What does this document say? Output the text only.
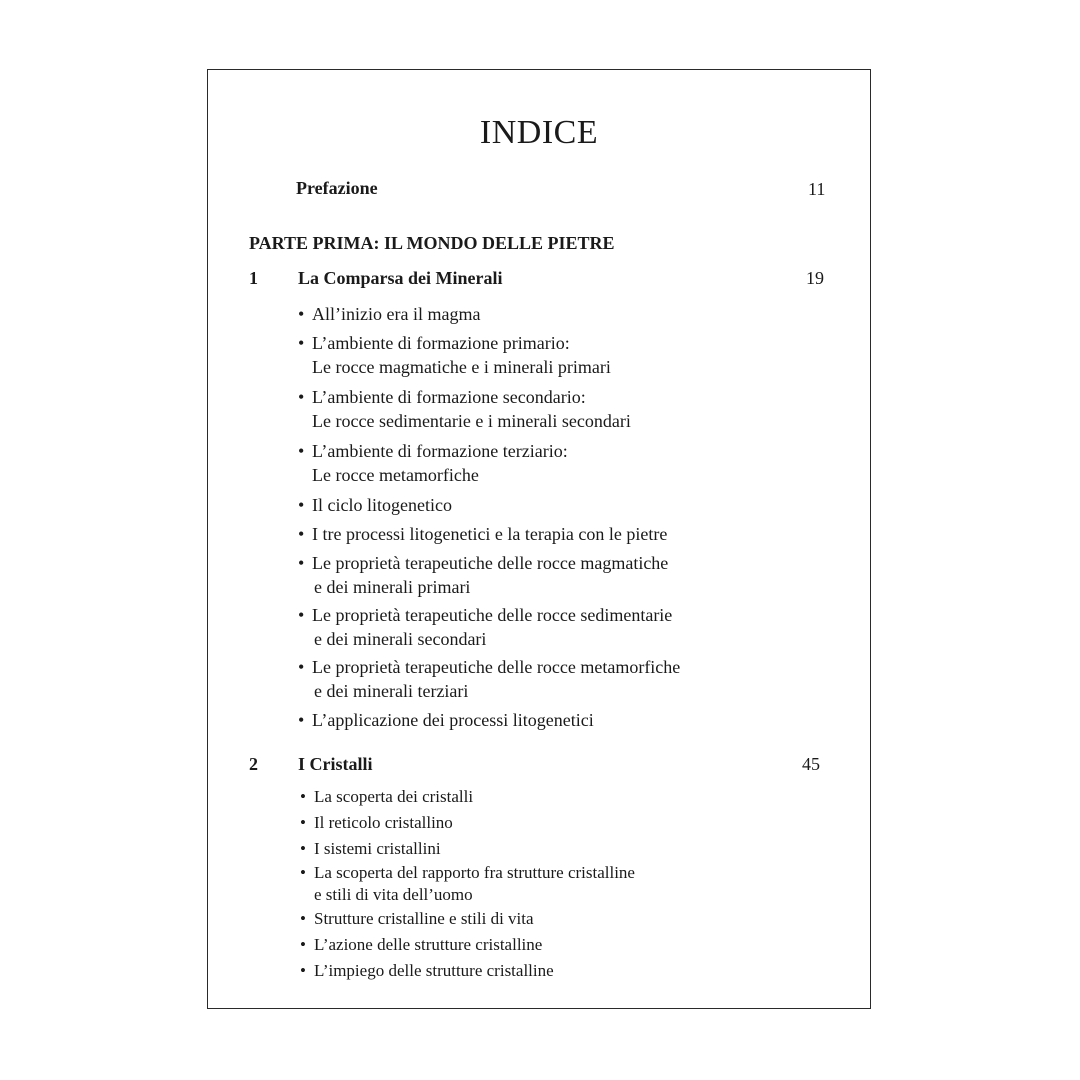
INDICE
Prefazione	11
PARTE PRIMA: IL MONDO DELLE PIETRE
1 La Comparsa dei Minerali	19
• All’inizio era il magma
• L’ambiente di formazione primario:
Le rocce magmatiche e i minerali primari
• L’ambiente di formazione secondario:
Le rocce sedimentarie e i minerali secondari
• L’ambiente di formazione terziario:
Le rocce metamorfiche
• Il ciclo litogenetico
• I tre processi litogenetici e la terapia con le pietre
• Le proprietà terapeutiche delle rocce magmatiche
e dei minerali primari
• Le proprietà terapeutiche delle rocce sedimentarie
e dei minerali secondari
• Le proprietà terapeutiche delle rocce metamorfiche
e dei minerali terziari
• L’applicazione dei processi litogenetici
2 I Cristalli	45
• La scoperta dei cristalli
• Il reticolo cristallino
• I sistemi cristallini
• La scoperta del rapporto fra strutture cristalline
e stili di vita dell’uomo
• Strutture cristalline e stili di vita
• L’azione delle strutture cristalline
• L’impiego delle strutture cristalline
